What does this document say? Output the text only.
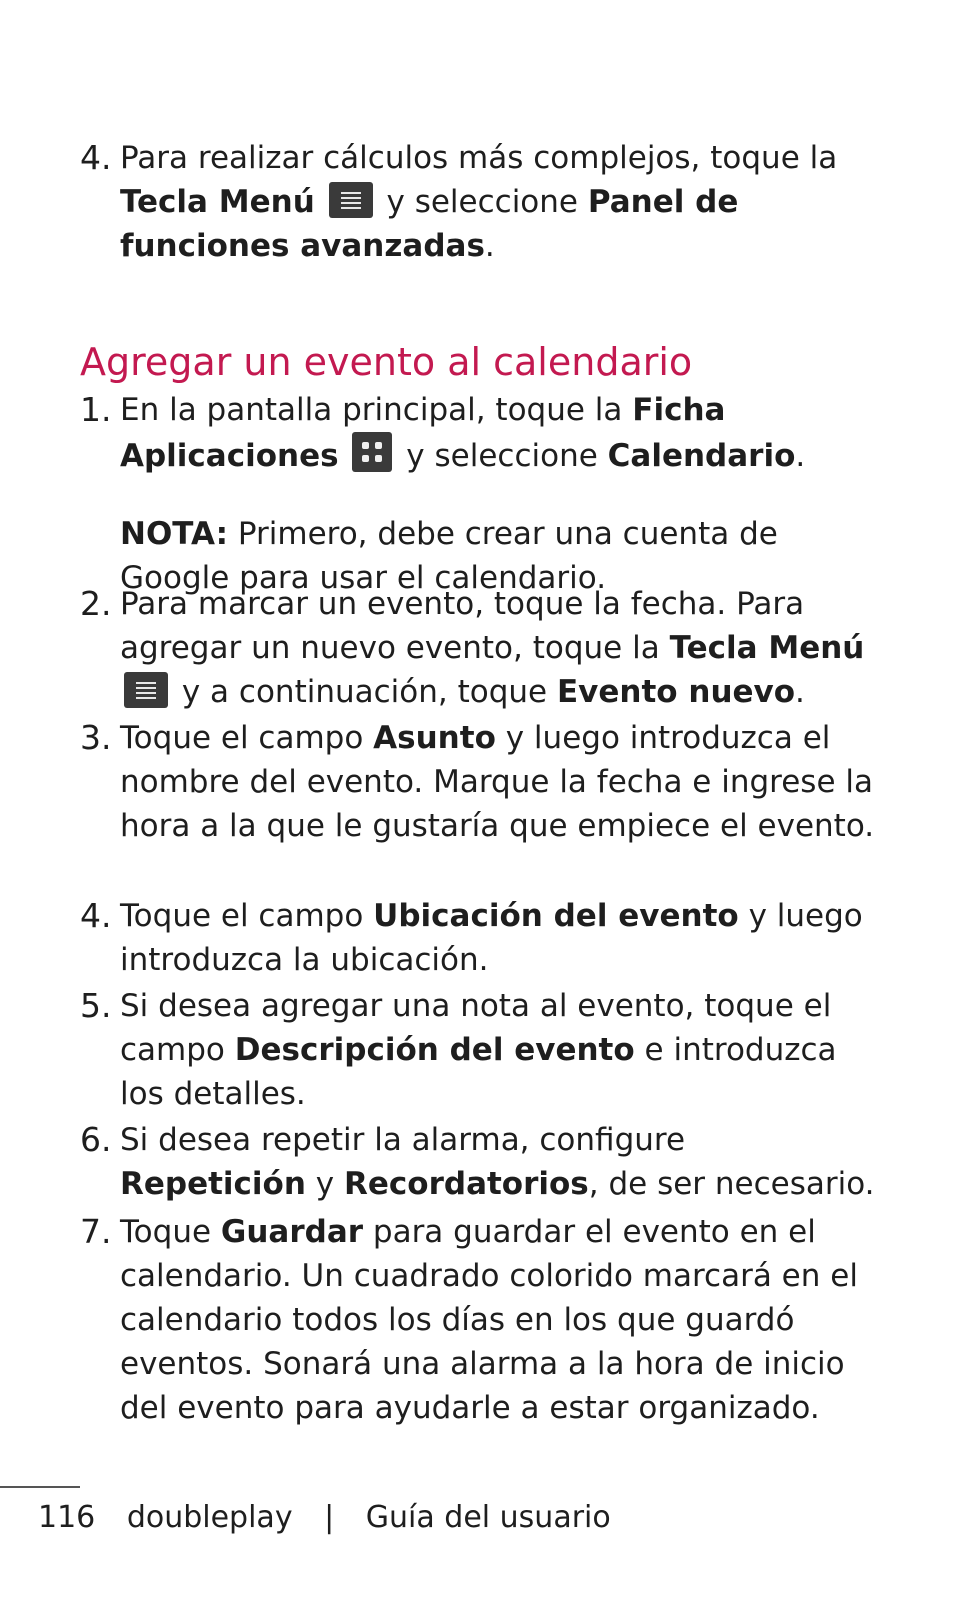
4. Para realizar cálculos más complejos, toque la Tecla Menú y seleccione Panel de funciones avanzadas.
Agregar un evento al calendario
1. En la pantalla principal, toque la Ficha Aplicaciones y seleccione Calendario.
NOTA: Primero, debe crear una cuenta de Google para usar el calendario.
2. Para marcar un evento, toque la fecha. Para agregar un nuevo evento, toque la Tecla Menú  y a continuación, toque Evento nuevo.
3. Toque el campo Asunto y luego introduzca el nombre del evento. Marque la fecha e ingrese la hora a la que le gustaría que empiece el evento.
4. Toque el campo Ubicación del evento y luego introduzca la ubicación.
5. Si desea agregar una nota al evento, toque el campo Descripción del evento e introduzca los detalles.
6. Si desea repetir la alarma, configure Repetición y Recordatorios, de ser necesario.
7. Toque Guardar para guardar el evento en el calendario. Un cuadrado colorido marcará en el calendario todos los días en los que guardó eventos. Sonará una alarma a la hora de inicio del evento para ayudarle a estar organizado.
116 doubleplay | Guía del usuario
